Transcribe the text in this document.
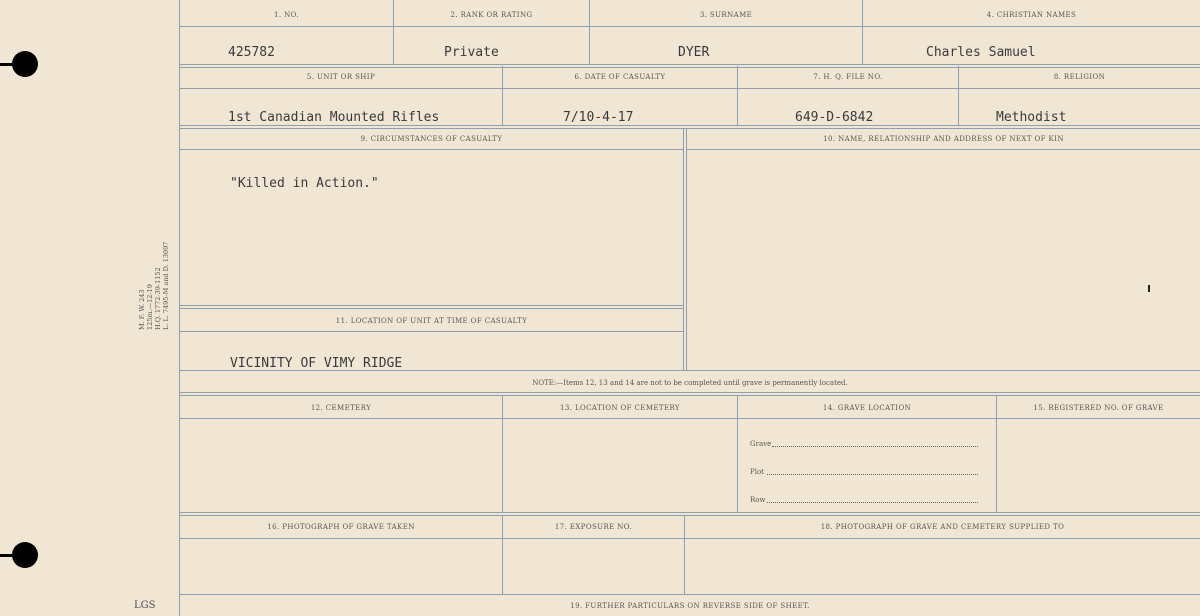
M. F. W. 243 125m.—12-19 H.Q. 1772-39-1152 L. L. 7495-M and D. 13097
LGS
1. NO.	2. RANK OR RATING	3. SURNAME	4. CHRISTIAN NAMES
425782	Private	DYER	Charles Samuel
5. UNIT OR SHIP	6. DATE OF CASUALTY	7. H. Q. FILE NO.	8. RELIGION
1st Canadian Mounted Rifles	7/10-4-17	649-D-6842	Methodist
9. CIRCUMSTANCES OF CASUALTY	10. NAME, RELATIONSHIP AND ADDRESS OF NEXT OF KIN
"Killed in Action."
11. LOCATION OF UNIT AT TIME OF CASUALTY
VICINITY OF VIMY RIDGE
NOTE:—Items 12, 13 and 14 are not to be completed until grave is permanently located.
12. CEMETERY	13. LOCATION OF CEMETERY	14. GRAVE LOCATION	15. REGISTERED NO. OF GRAVE
Grave
Plot
Row
16. PHOTOGRAPH OF GRAVE TAKEN	17. EXPOSURE NO.	18. PHOTOGRAPH OF GRAVE AND CEMETERY SUPPLIED TO
19. FURTHER PARTICULARS ON REVERSE SIDE OF SHEET.
